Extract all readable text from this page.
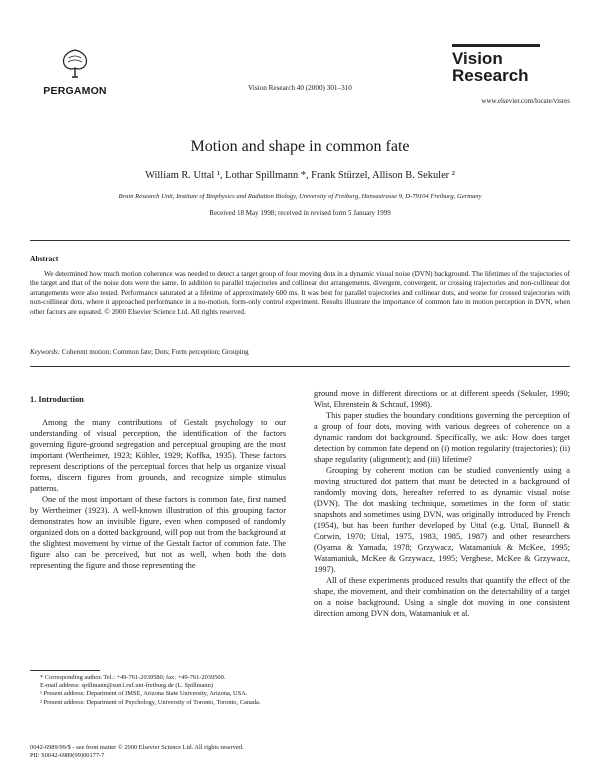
PERGAMON	Vision Research 40 (2000) 301–310
Vision
Research
www.elsevier.com/locate/visres
Motion and shape in common fate
William R. Uttal ¹, Lothar Spillmann *, Frank Stürzel, Allison B. Sekuler ²
Brain Research Unit, Institute of Biophysics and Radiation Biology, University of Freiburg, Hansastrasse 9, D-79104 Freiburg, Germany
Received 18 May 1998; received in revised form 5 January 1999
Abstract
We determined how much motion coherence was needed to detect a target group of four moving dots in a dynamic visual noise (DVN) background. The lifetimes of the trajectories of the target and that of the noise dots were the same. In addition to parallel trajectories and collinear dot arrangements, divergent, convergent, or crossing trajectories and non-collinear dot arrangements were also tested. Performance saturated at a lifetime of approximately 600 ms. It was best for parallel trajectories and collinear dots, and worse for crossed trajectories with non-collinear dots, where it approached performance in a no-motion, form-only control experiment. Results illustrate the importance of common fate in motion perception in DVN, when other factors are equated. © 2000 Elsevier Science Ltd. All rights reserved.
Keywords: Coherent motion; Common fate; Dots; Form perception; Grouping
1. Introduction

Among the many contributions of Gestalt psychology to our understanding of visual perception, the identification of the factors governing figure-ground segregation and perceptual grouping are the most important (Wertheimer, 1923; Köhler, 1929; Koffka, 1935). These factors represent descriptions of the perceptual forces that help us organize visual forms, discern figures from grounds, and recognize simple stimulus patterns.

One of the most important of these factors is common fate, first named by Wertheimer (1923). A well-known illustration of this grouping factor demonstrates how an invisible figure, even when composed of randomly organized dots on a dotted background, will pop out from the background at the slightest movement by virtue of the Gestalt factor of common fate. The figure also can be perceived, but not as well, when both the dots representing the figure and those representing the

ground move in different directions or at different speeds (Sekuler, 1990; Wist, Ehrenstein & Schrauf, 1998).

This paper studies the boundary conditions governing the perception of a group of four dots, moving with various degrees of coherence on a dynamic random dot background. Specifically, we ask: How does target detection by common fate depend on (i) motion regularity (trajectories); (ii) shape regularity (alignment); and (iii) lifetime?

Grouping by coherent motion can be studied conveniently using a moving structured dot pattern that must be detected in a background of randomly moving dots, hereafter referred to as dynamic visual noise (DVN). The dot masking technique, sometimes in the form of static snapshots and sometimes using DVN, was originally introduced by French (1954), but has been further developed by Uttal (e.g. Uttal, Bunnell & Corwin, 1970; Uttal, 1975, 1983, 1985, 1987) and other researchers (Oyama & Yamada, 1978; Grzywacz, Watamaniuk & McKee, 1995; Watamaniuk, McKee & Grzywacz, 1995; Verghese, McKee & Grzywacz, 1997).

All of these experiments produced results that quantify the effect of the shape, the movement, and their combination on the detectability of a target on a noise background. Using a single dot moving in one consistent direction among DVN dots, Watamaniuk et al.

* Corresponding author. Tel.: +49-761-2039580; fax: +49-761-2039500.
E-mail address: spillmann@sun1.ruf.uni-freiburg.de (L. Spillmann)
¹ Present address: Department of IMSE, Arizona State University, Arizona, USA.
² Present address: Department of Psychology, University of Toronto, Toronto, Canada.
0042-6989/99/$ - see front matter © 2000 Elsevier Science Ltd. All rights reserved.
PII: S0042-6989(99)00177-7
